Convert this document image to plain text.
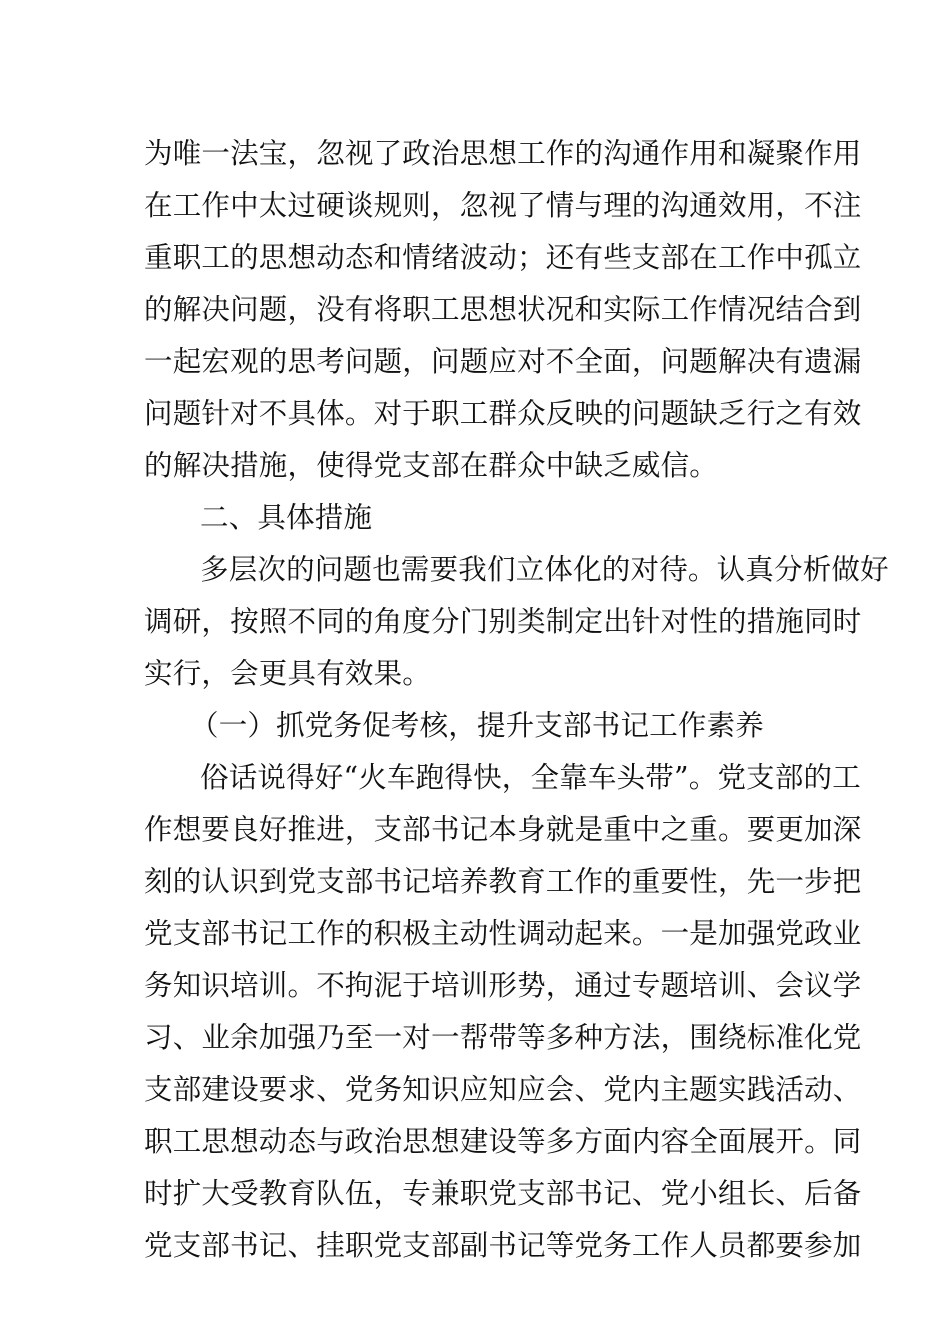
为唯一法宝，忽视了政治思想工作的沟通作用和凝聚作用
在工作中太过硬谈规则，忽视了情与理的沟通效用，不注
重职工的思想动态和情绪波动；还有些支部在工作中孤立
的解决问题，没有将职工思想状况和实际工作情况结合到
一起宏观的思考问题，问题应对不全面，问题解决有遗漏
问题针对不具体。对于职工群众反映的问题缺乏行之有效
的解决措施，使得党支部在群众中缺乏威信。
二、具体措施
多层次的问题也需要我们立体化的对待。认真分析做好
调研，按照不同的角度分门别类制定出针对性的措施同时
实行，会更具有效果。
（一）抓党务促考核，提升支部书记工作素养
俗话说得好“火车跑得快，全靠车头带”。党支部的工
作想要良好推进，支部书记本身就是重中之重。要更加深
刻的认识到党支部书记培养教育工作的重要性，先一步把
党支部书记工作的积极主动性调动起来。一是加强党政业
务知识培训。不拘泥于培训形势，通过专题培训、会议学
习、业余加强乃至一对一帮带等多种方法，围绕标准化党
支部建设要求、党务知识应知应会、党内主题实践活动、
职工思想动态与政治思想建设等多方面内容全面展开。同
时扩大受教育队伍，专兼职党支部书记、党小组长、后备
党支部书记、挂职党支部副书记等党务工作人员都要参加
